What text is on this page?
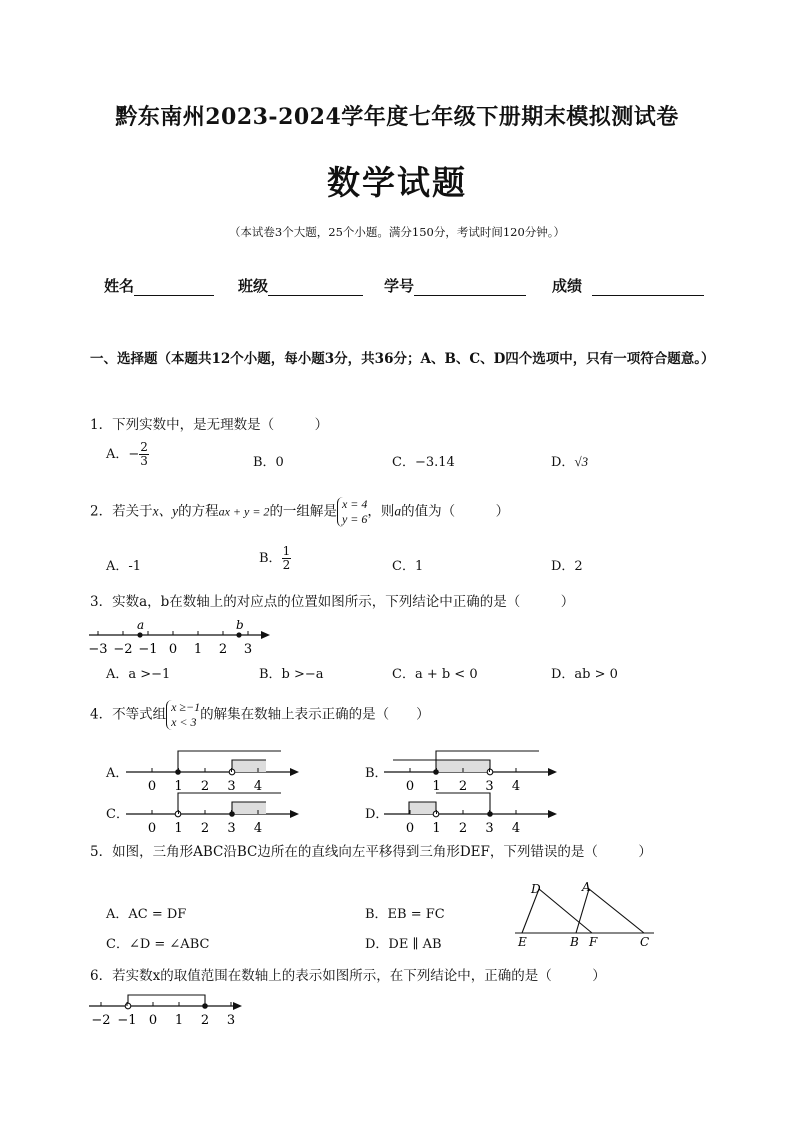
黔东南州2023-2024学年度七年级下册期末模拟测试卷
数学试题
（本试卷3个大题，25个小题。满分150分，考试时间120分钟。）
姓名	班级	学号	成绩
一、选择题（本题共12个小题，每小题3分，共36分；A、B、C、D四个选项中，只有一项符合题意。）
1．下列实数中，是无理数是（　　　）
A．− $\frac{2}{3}$	B．0	C．−3.14	D．√3
2．若关于x、y的方程ax + y = 2的一组解是 x = 4
y = 6 ，则a的值为（　　　）
A．-1
B． $\frac{1}{2}$	C．1	D．2
3．实数a，b在数轴上的对应点的位置如图所示，下列结论中正确的是（　　　）
−3 −2 −1 0 1 2 3
a	b
A．a >−1	B．b >−a	C．a + b < 0	D．ab > 0
4．不等式组 x ≥−1
x < 3 的解集在数轴上表示正确的是（　　）
A．	B．
C．	D．
0 1 2 3 4	0 1 2 3 4
0 1 2 3 4	0 1 2 3 4
5．如图，三角形ABC沿BC边所在的直线向左平移得到三角形DEF，下列错误的是（　　　）
A．AC = DF	B．EB = FC
C．∠D = ∠ABC	D．DE ∥ AB
D	A
E	B F	C
6．若实数x的取值范围在数轴上的表示如图所示，在下列结论中，正确的是（　　　）
−2 −1 0 1 2 3
